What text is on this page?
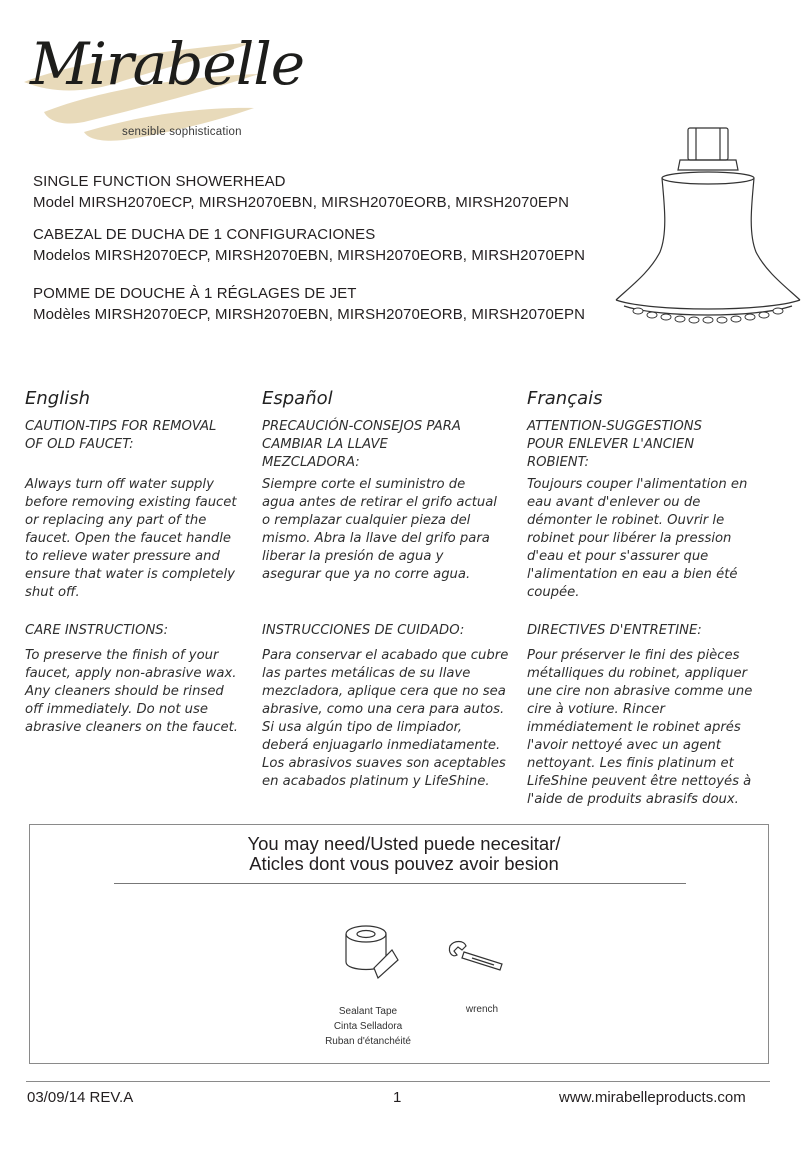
Mirabelle
sensible sophistication
SINGLE FUNCTION SHOWERHEAD
Model MIRSH2070ECP, MIRSH2070EBN, MIRSH2070EORB, MIRSH2070EPN
CABEZAL DE DUCHA DE 1 CONFIGURACIONES
Modelos MIRSH2070ECP, MIRSH2070EBN, MIRSH2070EORB, MIRSH2070EPN
POMME DE DOUCHE À 1 RÉGLAGES DE JET
Modèles MIRSH2070ECP, MIRSH2070EBN, MIRSH2070EORB, MIRSH2070EPN
English
CAUTION-TIPS FOR REMOVAL
OF OLD FAUCET:
Always turn off water supply
before removing existing faucet
or replacing any part of the
faucet. Open the faucet handle
to relieve water pressure and
ensure that water is completely
shut off.
CARE INSTRUCTIONS:
To preserve the finish of your
faucet, apply non-abrasive wax.
Any cleaners should be rinsed
off immediately. Do not use
abrasive cleaners on the faucet.
Español
PRECAUCIÓN-CONSEJOS PARA
CAMBIAR LA LLAVE
MEZCLADORA:
Siempre corte el suministro de
agua antes de retirar el grifo actual
o remplazar cualquier pieza del
mismo. Abra la llave del grifo para
liberar la presión de agua y
asegurar que ya no corre agua.
INSTRUCCIONES DE CUIDADO:
Para conservar el acabado que cubre
las partes metálicas de su llave
mezcladora, aplique cera que no sea
abrasive, como una cera para autos.
Si usa algún tipo de limpiador,
deberá enjuagarlo inmediatamente.
Los abrasivos suaves son aceptables
en acabados platinum y LifeShine.
Français
ATTENTION-SUGGESTIONS
POUR ENLEVER L'ANCIEN
ROBIENT:
Toujours couper l'alimentation en
eau avant d'enlever ou de
démonter le robinet. Ouvrir le
robinet pour libérer la pression
d'eau et pour s'assurer que
l'alimentation en eau a bien été
coupée.
DIRECTIVES D'ENTRETINE:
Pour préserver le fini des pièces
métalliques du robinet, appliquer
une cire non abrasive comme une
cire à votiure. Rincer
immédiatement le robinet aprés
l'avoir nettoyé avec un agent
nettoyant. Les finis platinum et
LifeShine peuvent être nettoyés à
l'aide de produits abrasifs doux.
You may need/Usted puede necesitar/
Aticles dont vous pouvez avoir besion
Sealant Tape
Cinta Selladora
Ruban d'étanchéité
wrench
03/09/14 REV.A	1	www.mirabelleproducts.com
